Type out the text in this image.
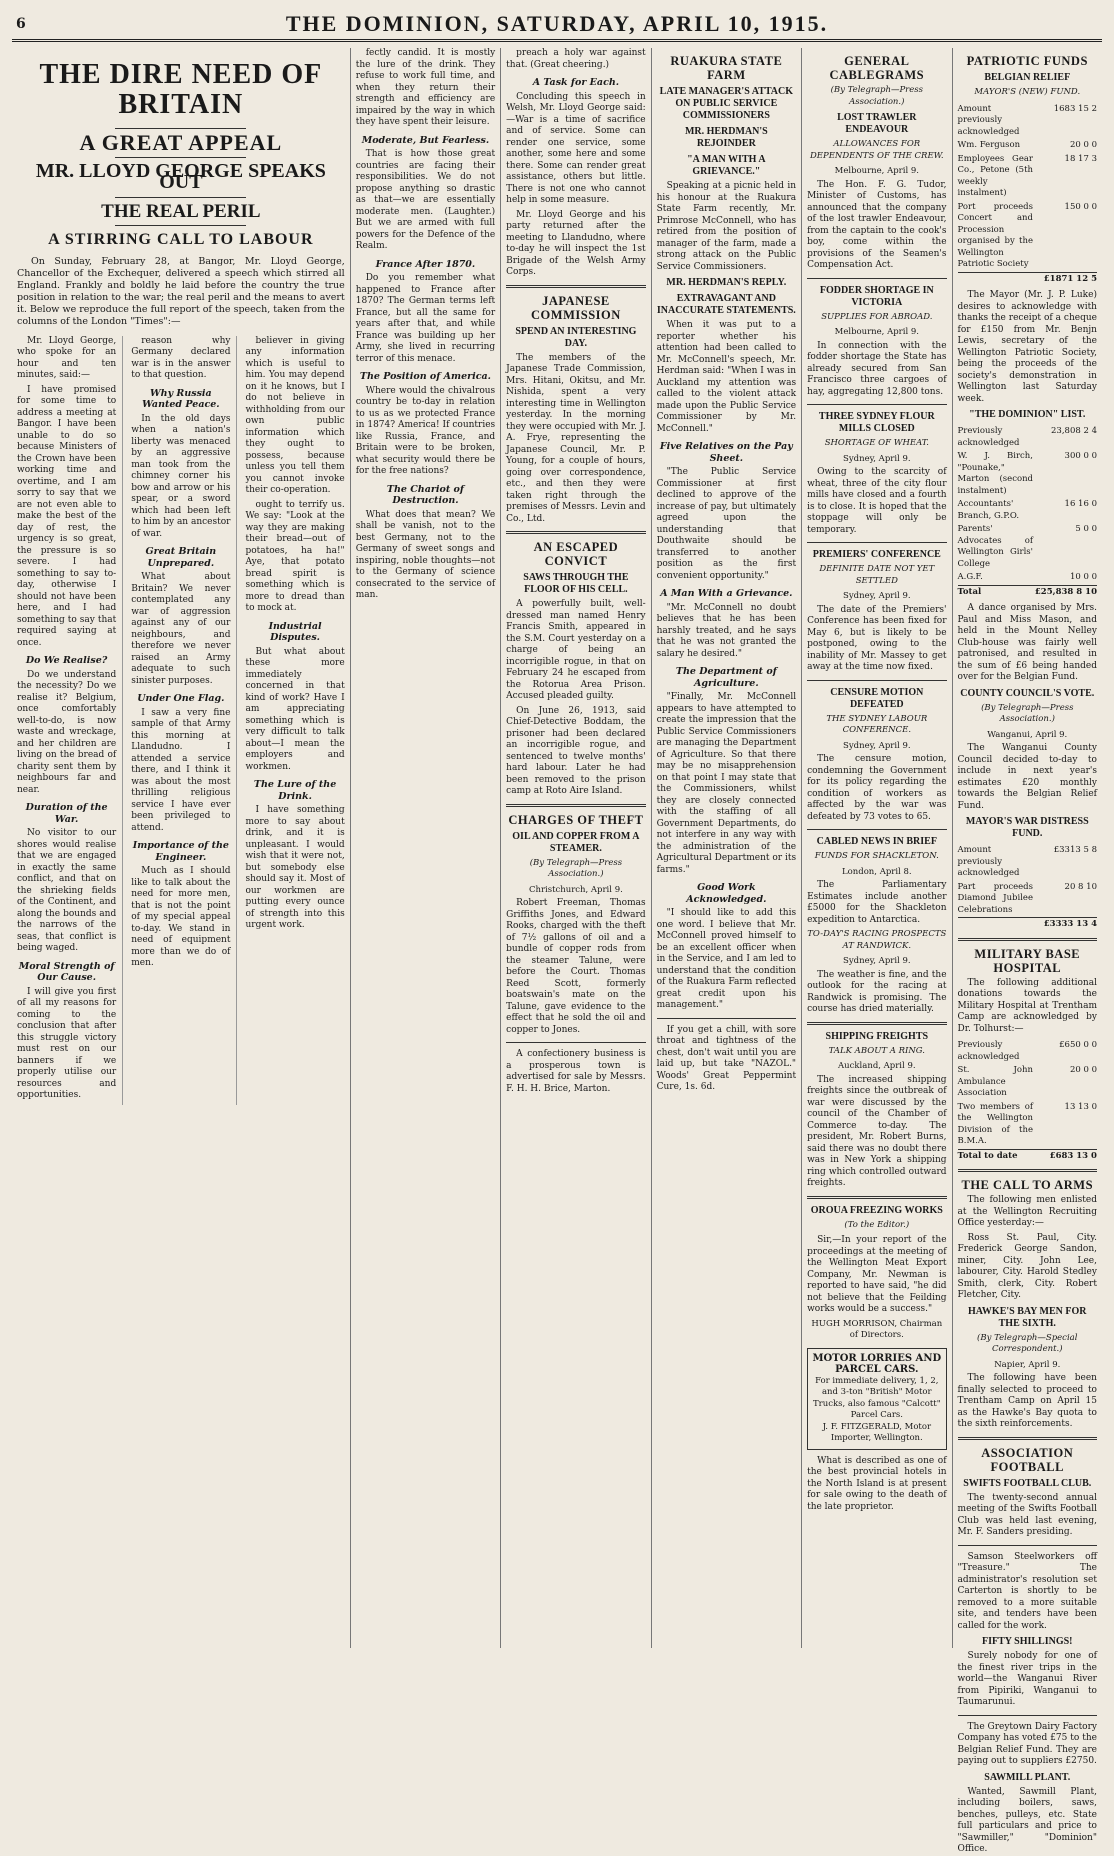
6	THE DOMINION, SATURDAY, APRIL 10, 1915.
THE DIRE NEED OF BRITAIN
A GREAT APPEAL
MR. LLOYD GEORGE SPEAKS OUT
THE REAL PERIL
A STIRRING CALL TO LABOUR
On Sunday, February 28, at Bangor, Mr. Lloyd George, Chancellor of the Exchequer, delivered a speech which stirred all England. Frankly and boldly he laid before the country the true position in relation to the war; the real peril and the means to avert it. Below we reproduce the full report of the speech, taken from the columns of the London "Times":—

Mr. Lloyd George, who spoke for an hour and ten minutes, said:—

I have promised for some time to address a meeting at Bangor. I have been unable to do so because Ministers of the Crown have been working time and overtime, and I am sorry to say that we are not even able to make the best of the day of rest, the urgency is so great, the pressure is so severe. I had something to say to-day, otherwise I should not have been here, and I had something to say that required saying at once.

Do We Realise?

Do we understand the necessity? Do we realise it? Belgium, once comfortably well-to-do, is now waste and wreckage, and her children are living on the bread of charity sent them by neighbours far and near.

Duration of the War.

No visitor to our shores would realise that we are engaged in exactly the same conflict, and that on the shrieking fields of the Continent, and along the bounds and the narrows of the seas, that conflict is being waged.

Moral Strength of Our Cause.

I will give you first of all my reasons for coming to the conclusion that after this struggle victory must rest on our banners if we properly utilise our resources and opportunities.

reason why Germany declared war is in the answer to that question.

Why Russia Wanted Peace.

In the old days when a nation's liberty was menaced by an aggressive man took from the chimney corner his bow and arrow or his spear, or a sword which had been left to him by an ancestor of war.

Great Britain Unprepared.

What about Britain? We never contemplated any war of aggression against any of our neighbours, and therefore we never raised an Army adequate to such sinister purposes.

Under One Flag.

I saw a very fine sample of that Army this morning at Llandudno. I attended a service there, and I think it was about the most thrilling religious service I have ever been privileged to attend.

Importance of the Engineer.

Much as I should like to talk about the need for more men, that is not the point of my special appeal to-day. We stand in need of equipment more than we do of men.

believer in giving any information which is useful to him. You may depend on it he knows, but I do not believe in withholding from our own public information which they ought to possess, because unless you tell them you cannot invoke their co-operation.

ought to terrify us. We say: "Look at the way they are making their bread—out of potatoes, ha ha!" Aye, that potato bread spirit is something which is more to dread than to mock at.

Industrial Disputes.

But what about these more immediately concerned in that kind of work? Have I am appreciating something which is very difficult to talk about—I mean the employers and workmen.

The Lure of the Drink.

I have something more to say about drink, and it is unpleasant. I would wish that it were not, but somebody else should say it. Most of our workmen are putting every ounce of strength into this urgent work.

fectly candid. It is mostly the lure of the drink. They refuse to work full time, and when they return their strength and efficiency are impaired by the way in which they have spent their leisure.

Moderate, But Fearless.

That is how those great countries are facing their responsibilities. We do not propose anything so drastic as that—we are essentially moderate men. (Laughter.) But we are armed with full powers for the Defence of the Realm.

France After 1870.

Do you remember what happened to France after 1870? The German terms left France, but all the same for years after that, and while France was building up her Army, she lived in recurring terror of this menace.

The Position of America.

Where would the chivalrous country be to-day in relation to us as we protected France in 1874? America! If countries like Russia, France, and Britain were to be broken, what security would there be for the free nations?

The Chariot of Destruction.

What does that mean? We shall be vanish, not to the best Germany, not to the Germany of sweet songs and inspiring, noble thoughts—not to the Germany of science consecrated to the service of man.

preach a holy war against that. (Great cheering.)

A Task for Each.

Concluding this speech in Welsh, Mr. Lloyd George said:—War is a time of sacrifice and of service. Some can render one service, some another, some here and some there. Some can render great assistance, others but little. There is not one who cannot help in some measure.

Mr. Lloyd George and his party returned after the meeting to Llandudno, where to-day he will inspect the 1st Brigade of the Welsh Army Corps.

JAPANESE COMMISSION
SPEND AN INTERESTING DAY.

The members of the Japanese Trade Commission, Mrs. Hitani, Okitsu, and Mr. Nishida, spent a very interesting time in Wellington yesterday. In the morning they were occupied with Mr. J. A. Frye, representing the Japanese Council, Mr. P. Young, for a couple of hours, going over correspondence, etc., and then they were taken right through the premises of Messrs. Levin and Co., Ltd.

AN ESCAPED CONVICT
SAWS THROUGH THE FLOOR OF HIS CELL.

A powerfully built, well-dressed man named Henry Francis Smith, appeared in the S.M. Court yesterday on a charge of being an incorrigible rogue, in that on February 24 he escaped from the Rotorua Area Prison. Accused pleaded guilty.

On June 26, 1913, said Chief-Detective Boddam, the prisoner had been declared an incorrigible rogue, and sentenced to twelve months' hard labour. Later he had been removed to the prison camp at Roto Aire Island.

CHARGES OF THEFT
OIL AND COPPER FROM A STEAMER.
(By Telegraph—Press Association.)
Christchurch, April 9.

Robert Freeman, Thomas Griffiths Jones, and Edward Rooks, charged with the theft of 7½ gallons of oil and a bundle of copper rods from the steamer Talune, were before the Court. Thomas Reed Scott, formerly boatswain's mate on the Talune, gave evidence to the effect that he sold the oil and copper to Jones.

A confectionery business is a prosperous town is advertised for sale by Messrs. F. H. H. Brice, Marton.

RUAKURA STATE FARM
LATE MANAGER'S ATTACK ON PUBLIC SERVICE COMMISSIONERS
MR. HERDMAN'S REJOINDER
"A MAN WITH A GRIEVANCE."

Speaking at a picnic held in his honour at the Ruakura State Farm recently, Mr. Primrose McConnell, who has retired from the position of manager of the farm, made a strong attack on the Public Service Commissioners.

MR. HERDMAN'S REPLY.
EXTRAVAGANT AND INACCURATE STATEMENTS.

When it was put to a reporter whether his attention had been called to Mr. McConnell's speech, Mr. Herdman said: "When I was in Auckland my attention was called to the violent attack made upon the Public Service Commissioner by Mr. McConnell."

Five Relatives on the Pay Sheet.

"The Public Service Commissioner at first declined to approve of the increase of pay, but ultimately agreed upon the understanding that Douthwaite should be transferred to another position as the first convenient opportunity."

A Man With a Grievance.

"Mr. McConnell no doubt believes that he has been harshly treated, and he says that he was not granted the salary he desired."

The Department of Agriculture.

"Finally, Mr. McConnell appears to have attempted to create the impression that the Public Service Commissioners are managing the Department of Agriculture. So that there may be no misapprehension on that point I may state that the Commissioners, whilst they are closely connected with the staffing of all Government Departments, do not interfere in any way with the administration of the Agricultural Department or its farms."

Good Work Acknowledged.

"I should like to add this one word. I believe that Mr. McConnell proved himself to be an excellent officer when in the Service, and I am led to understand that the condition of the Ruakura Farm reflected great credit upon his management."

If you get a chill, with sore throat and tightness of the chest, don't wait until you are laid up, but take "NAZOL." Woods' Great Peppermint Cure, 1s. 6d.

GENERAL CABLEGRAMS
(By Telegraph—Press Association.)
LOST TRAWLER ENDEAVOUR
ALLOWANCES FOR DEPENDENTS OF THE CREW.
Melbourne, April 9.

The Hon. F. G. Tudor, Minister of Customs, has announced that the company of the lost trawler Endeavour, from the captain to the cook's boy, come within the provisions of the Seamen's Compensation Act.

FODDER SHORTAGE IN VICTORIA
SUPPLIES FOR ABROAD.
Melbourne, April 9.

In connection with the fodder shortage the State has already secured from San Francisco three cargoes of hay, aggregating 12,800 tons.

THREE SYDNEY FLOUR MILLS CLOSED
SHORTAGE OF WHEAT.
Sydney, April 9.

Owing to the scarcity of wheat, three of the city flour mills have closed and a fourth is to close. It is hoped that the stoppage will only be temporary.

PREMIERS' CONFERENCE
DEFINITE DATE NOT YET SETTLED
Sydney, April 9.

The date of the Premiers' Conference has been fixed for May 6, but is likely to be postponed, owing to the inability of Mr. Massey to get away at the time now fixed.

CENSURE MOTION DEFEATED
THE SYDNEY LABOUR CONFERENCE.
Sydney, April 9.

The censure motion, condemning the Government for its policy regarding the condition of workers as affected by the war was defeated by 73 votes to 65.

CABLED NEWS IN BRIEF
FUNDS FOR SHACKLETON.
London, April 8.

The Parliamentary Estimates include another £5000 for the Shackleton expedition to Antarctica.

TO-DAY'S RACING PROSPECTS AT RANDWICK.
Sydney, April 9.

The weather is fine, and the outlook for the racing at Randwick is promising. The course has dried materially.

SHIPPING FREIGHTS
TALK ABOUT A RING.
Auckland, April 9.

The increased shipping freights since the outbreak of war were discussed by the council of the Chamber of Commerce to-day. The president, Mr. Robert Burns, said there was no doubt there was in New York a shipping ring which controlled outward freights.

OROUA FREEZING WORKS
(To the Editor.)

Sir,—In your report of the proceedings at the meeting of the Wellington Meat Export Company, Mr. Newman is reported to have said, "he did not believe that the Feilding works would be a success."

HUGH MORRISON, Chairman of Directors.
MOTOR LORRIES AND PARCEL CARS.
For immediate delivery, 1, 2, and 3-ton "British" Motor Trucks, also famous "Calcott" Parcel Cars.
J. F. FITZGERALD, Motor Importer, Wellington.

What is described as one of the best provincial hotels in the North Island is at present for sale owing to the death of the late proprietor.

PATRIOTIC FUNDS
BELGIAN RELIEF
MAYOR'S (NEW) FUND.
Amount previously acknowledged	1683 15 2
Wm. Ferguson	20 0 0
Employees Gear Co., Petone (5th weekly instalment)	18 17 3
Port proceeds Concert and Procession organised by the Wellington Patriotic Society	150 0 0
	£1871 12 5

The Mayor (Mr. J. P. Luke) desires to acknowledge with thanks the receipt of a cheque for £150 from Mr. Benjn Lewis, secretary of the Wellington Patriotic Society, being the proceeds of the society's demonstration in Wellington last Saturday week.

"THE DOMINION" LIST.
Previously acknowledged	23,808 2 4
W. J. Birch, "Pounake," Marton (second instalment)	300 0 0
Accountants' Branch, G.P.O.	16 16 0
Parents' Advocates of Wellington Girls' College	5 0 0
A.G.F.	10 0 0
Total	£25,838 8 10

A dance organised by Mrs. Paul and Miss Mason, and held in the Mount Nelley Club-house was fairly well patronised, and resulted in the sum of £6 being handed over for the Belgian Fund.

COUNTY COUNCIL'S VOTE.
(By Telegraph—Press Association.)
Wanganui, April 9.

The Wanganui County Council decided to-day to include in next year's estimates £20 monthly towards the Belgian Relief Fund.

MAYOR'S WAR DISTRESS FUND.
Amount previously acknowledged	£3313 5 8
Part proceeds Diamond Jubilee Celebrations	20 8 10
	£3333 13 4
MILITARY BASE HOSPITAL

The following additional donations towards the Military Hospital at Trentham Camp are acknowledged by Dr. Tolhurst:—

Previously acknowledged	£650 0 0
St. John Ambulance Association	20 0 0
Two members of the Wellington Division of the B.M.A.	13 13 0
Total to date	£683 13 0
THE CALL TO ARMS

The following men enlisted at the Wellington Recruiting Office yesterday:—

Ross St. Paul, City. Frederick George Sandon, miner, City. John Lee, labourer, City. Harold Stedley Smith, clerk, City. Robert Fletcher, City.

HAWKE'S BAY MEN FOR THE SIXTH.
(By Telegraph—Special Correspondent.)
Napier, April 9.

The following have been finally selected to proceed to Trentham Camp on April 15 as the Hawke's Bay quota to the sixth reinforcements.

ASSOCIATION FOOTBALL
SWIFTS FOOTBALL CLUB.

The twenty-second annual meeting of the Swifts Football Club was held last evening, Mr. F. Sanders presiding.

Samson Steelworkers off "Treasure." The administrator's resolution set Carterton is shortly to be removed to a more suitable site, and tenders have been called for the work.

FIFTY SHILLINGS!

Surely nobody for one of the finest river trips in the world—the Wanganui River from Pipiriki, Wanganui to Taumarunui.

The Greytown Dairy Factory Company has voted £75 to the Belgian Relief Fund. They are paying out to suppliers £2750.

SAWMILL PLANT.

Wanted, Sawmill Plant, including boilers, saws, benches, pulleys, etc. State full particulars and price to "Sawmiller," "Dominion" Office.
